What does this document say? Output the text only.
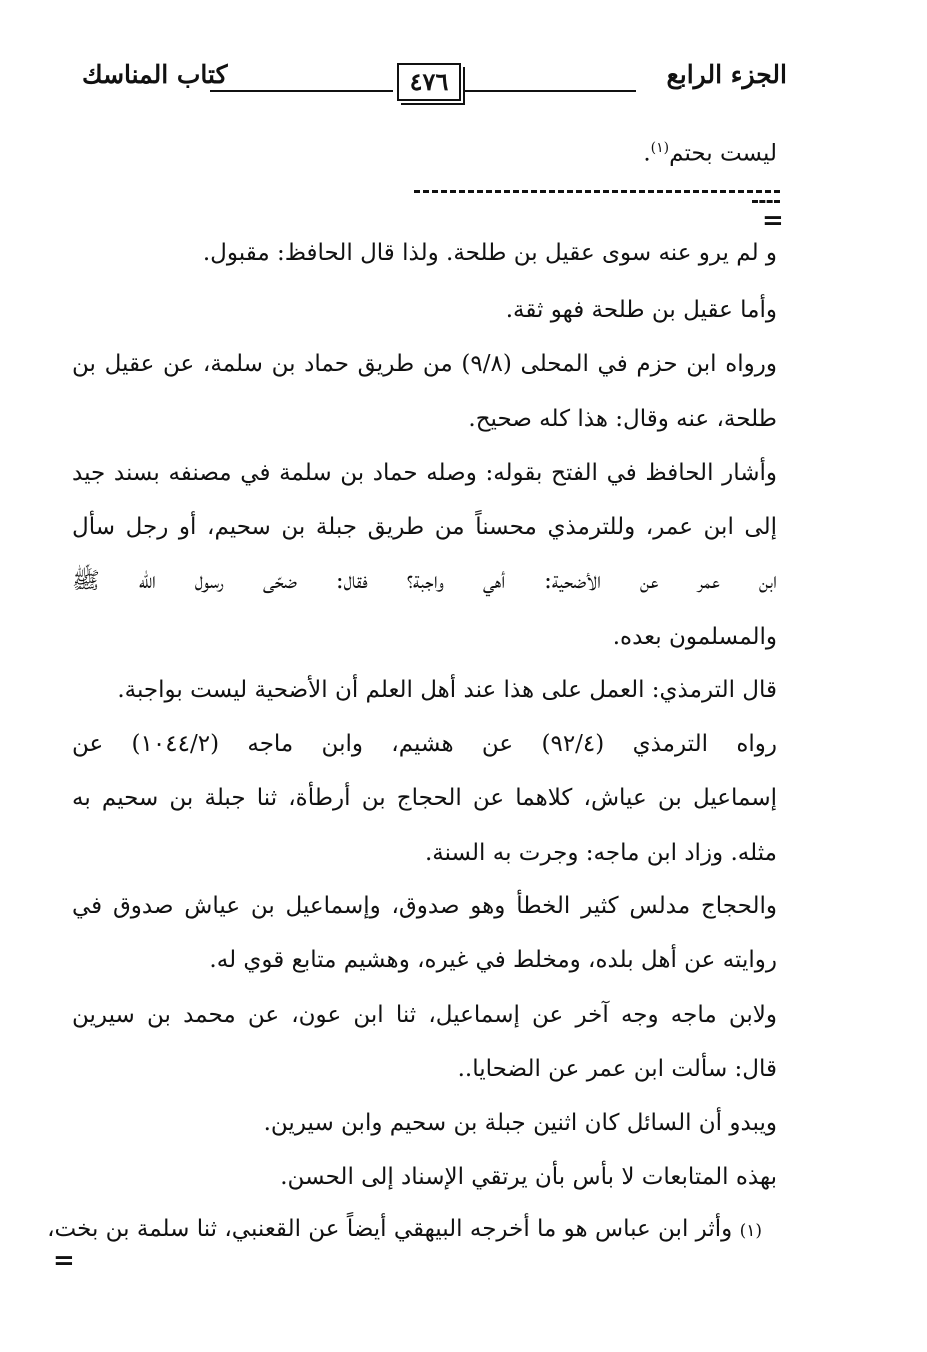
الجزء الرابع
٤٧٦
كتاب المناسك
ليست بحتم$^{(١)}$.
=
و لم يرو عنه سوى عقيل بن طلحة. ولذا قال الحافظ: مقبول.
وأما عقيل بن طلحة فهو ثقة.
ورواه ابن حزم في المحلى (٩/٨) من طريق حماد بن سلمة، عن عقيل بن
طلحة، عنه وقال: هذا كله صحيح.
وأشار الحافظ في الفتح بقوله: وصله حماد بن سلمة في مصنفه بسند جيد
إلى ابن عمر، وللترمذي محسناً من طريق جبلة بن سحيم، أو رجل سأل
ابن عمر عن الأضحية: أهي واجبة؟ فقال: ضحّى رسول الله ﷺ
والمسلمون بعده.
قال الترمذي: العمل على هذا عند أهل العلم أن الأضحية ليست بواجبة.
رواه الترمذي (٩٢/٤) عن هشيم، وابن ماجه (١٠٤٤/٢) عن
إسماعيل بن عياش، كلاهما عن الحجاج بن أرطأة، ثنا جبلة بن سحيم به
مثله. وزاد ابن ماجه: وجرت به السنة.
والحجاج مدلس كثير الخطأ وهو صدوق، وإسماعيل بن عياش صدوق في
روايته عن أهل بلده، ومخلط في غيره، وهشيم متابع قوي له.
ولابن ماجه وجه آخر عن إسماعيل، ثنا ابن عون، عن محمد بن سيرين
قال: سألت ابن عمر عن الضحايا..
ويبدو أن السائل كان اثنين جبلة بن سحيم وابن سيرين.
بهذه المتابعات لا بأس بأن يرتقي الإسناد إلى الحسن.
(١) وأثر ابن عباس هو ما أخرجه البيهقي أيضاً عن القعنبي، ثنا سلمة بن بخت،
=
